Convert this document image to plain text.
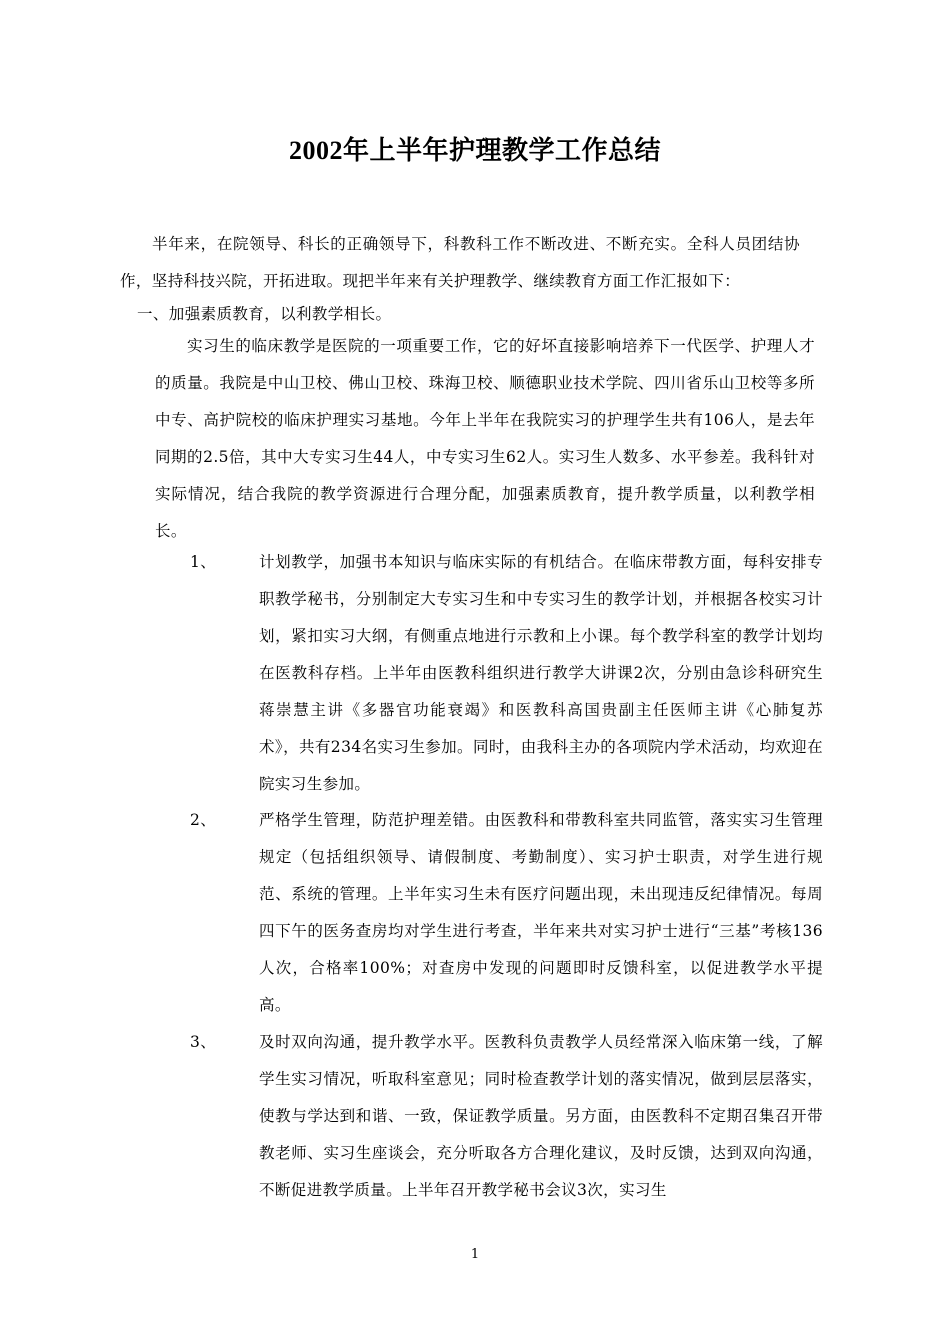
2002年上半年护理教学工作总结
半年来，在院领导、科长的正确领导下，科教科工作不断改进、不断充实。全科人员团结协作，坚持科技兴院，开拓进取。现把半年来有关护理教学、继续教育方面工作汇报如下：
一、加强素质教育，以利教学相长。
实习生的临床教学是医院的一项重要工作，它的好坏直接影响培养下一代医学、护理人才的质量。我院是中山卫校、佛山卫校、珠海卫校、顺德职业技术学院、四川省乐山卫校等多所中专、高护院校的临床护理实习基地。今年上半年在我院实习的护理学生共有106人，是去年同期的2.5倍，其中大专实习生44人，中专实习生62人。实习生人数多、水平参差。我科针对实际情况，结合我院的教学资源进行合理分配，加强素质教育，提升教学质量，以利教学相长。
1、	计划教学，加强书本知识与临床实际的有机结合。在临床带教方面，每科安排专职教学秘书，分别制定大专实习生和中专实习生的教学计划，并根据各校实习计划，紧扣实习大纲，有侧重点地进行示教和上小课。每个教学科室的教学计划均在医教科存档。上半年由医教科组织进行教学大讲课2次，分别由急诊科研究生蒋崇慧主讲《多器官功能衰竭》和医教科高国贵副主任医师主讲《心肺复苏术》，共有234名实习生参加。同时，由我科主办的各项院内学术活动，均欢迎在院实习生参加。
2、	严格学生管理，防范护理差错。由医教科和带教科室共同监管，落实实习生管理规定（包括组织领导、请假制度、考勤制度）、实习护士职责，对学生进行规范、系统的管理。上半年实习生未有医疗问题出现，未出现违反纪律情况。每周四下午的医务查房均对学生进行考查，半年来共对实习护士进行“三基”考核136人次，合格率100%；对查房中发现的问题即时反馈科室，以促进教学水平提高。
3、	及时双向沟通，提升教学水平。医教科负责教学人员经常深入临床第一线，了解学生实习情况，听取科室意见；同时检查教学计划的落实情况，做到层层落实，使教与学达到和谐、一致，保证教学质量。另方面，由医教科不定期召集召开带教老师、实习生座谈会，充分听取各方合理化建议，及时反馈，达到双向沟通，不断促进教学质量。上半年召开教学秘书会议3次，实习生
1
